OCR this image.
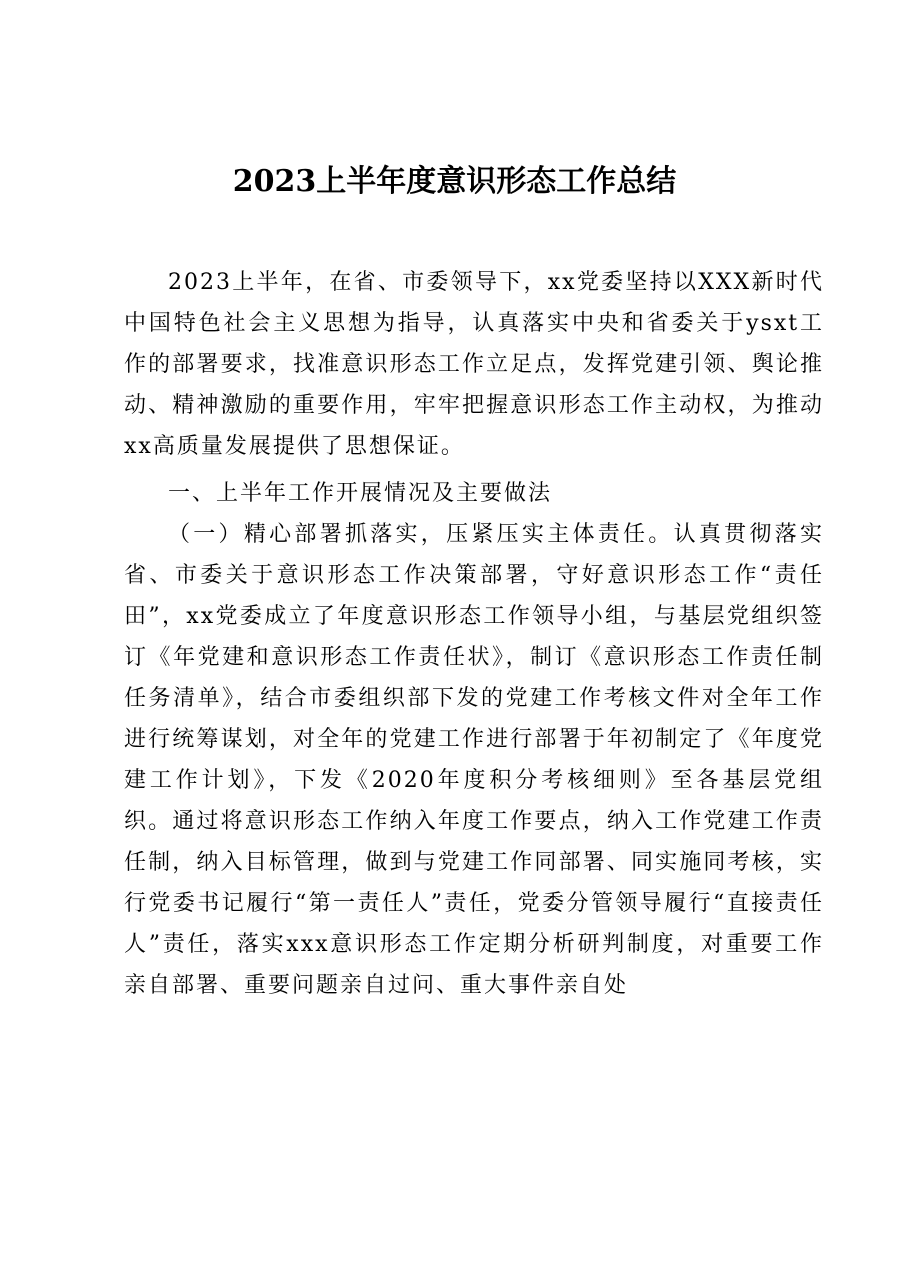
2023上半年度意识形态工作总结

2023上半年，在省、市委领导下，xx党委坚持以XXX新时代中国特色社会主义思想为指导，认真落实中央和省委关于ysxt工作的部署要求，找准意识形态工作立足点，发挥党建引领、舆论推动、精神激励的重要作用，牢牢把握意识形态工作主动权，为推动xx高质量发展提供了思想保证。

一、上半年工作开展情况及主要做法

（一）精心部署抓落实，压紧压实主体责任。认真贯彻落实省、市委关于意识形态工作决策部署，守好意识形态工作“责任田”，xx党委成立了年度意识形态工作领导小组，与基层党组织签订《年党建和意识形态工作责任状》，制订《意识形态工作责任制任务清单》，结合市委组织部下发的党建工作考核文件对全年工作进行统筹谋划，对全年的党建工作进行部署于年初制定了《年度党建工作计划》，下发《2020年度积分考核细则》至各基层党组织。通过将意识形态工作纳入年度工作要点，纳入工作党建工作责任制，纳入目标管理，做到与党建工作同部署、同实施同考核，实行党委书记履行“第一责任人”责任，党委分管领导履行“直接责任人”责任，落实xxx意识形态工作定期分析研判制度，对重要工作亲自部署、重要问题亲自过问、重大事件亲自处
